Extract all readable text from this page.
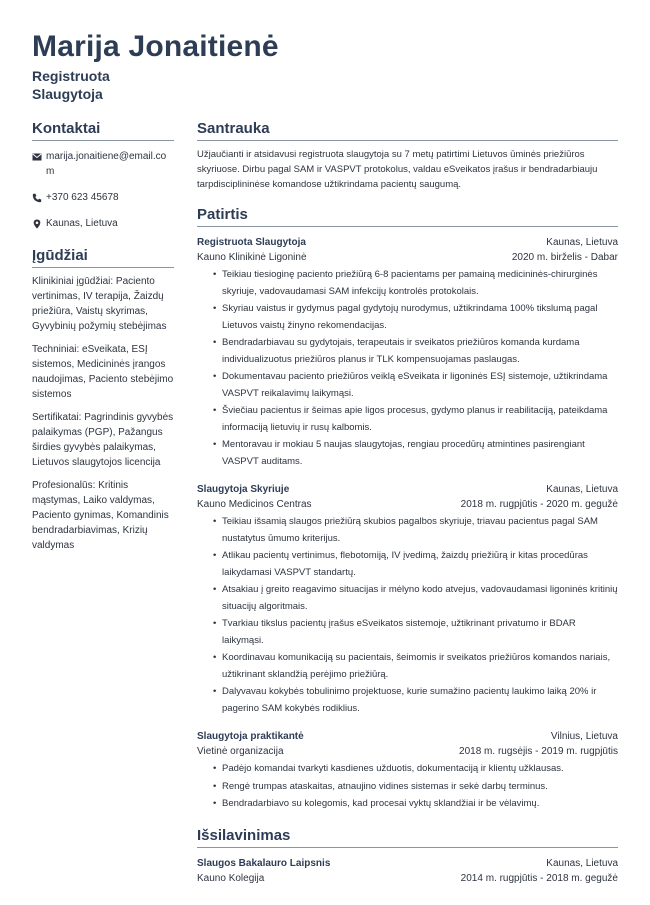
Marija Jonaitienė
Registruota Slaugytoja
Kontaktai
marija.jonaitiene@email.com
+370 623 45678
Kaunas, Lietuva
Įgūdžiai
Klinikiniai įgūdžiai: Paciento vertinimas, IV terapija, Žaizdų priežiūra, Vaistų skyrimas, Gyvybinių požymių stebėjimas
Techniniai: eSveikata, ESĮ sistemos, Medicininės įrangos naudojimas, Paciento stebėjimo sistemos
Sertifikatai: Pagrindinis gyvybės palaikymas (PGP), Pažangus širdies gyvybės palaikymas, Lietuvos slaugytojos licencija
Profesionalūs: Kritinis mąstymas, Laiko valdymas, Paciento gynimas, Komandinis bendradarbiavimas, Krizių valdymas
Santrauka
Užjaučianti ir atsidavusi registruota slaugytoja su 7 metų patirtimi Lietuvos ūminės priežiūros skyriuose. Dirbu pagal SAM ir VASPVT protokolus, valdau eSveikatos įrašus ir bendradarbiauju tarpdisciplininėse komandose užtikrindama pacientų saugumą.
Patirtis
Registruota Slaugytoja	Kaunas, Lietuva
Kauno Klinikinė Ligoninė	2020 m. birželis - Dabar
• Teikiau tiesioginę paciento priežiūrą 6-8 pacientams per pamainą medicininės-chirurginės skyriuje, vadovaudamasi SAM infekcijų kontrolės protokolais.
• Skyriau vaistus ir gydymus pagal gydytojų nurodymus, užtikrindama 100% tikslumą pagal Lietuvos vaistų žinyno rekomendacijas.
• Bendradarbiavau su gydytojais, terapeutais ir sveikatos priežiūros komanda kurdama individualizuotus priežiūros planus ir TLK kompensuojamas paslaugas.
• Dokumentavau paciento priežiūros veiklą eSveikata ir ligoninės ESĮ sistemoje, užtikrindama VASPVT reikalavimų laikymąsi.
• Šviečiau pacientus ir šeimas apie ligos procesus, gydymo planus ir reabilitaciją, pateikdama informaciją lietuvių ir rusų kalbomis.
• Mentoravau ir mokiau 5 naujas slaugytojas, rengiau procedūrų atmintines pasirengiant VASPVT auditams.
Slaugytoja Skyriuje	Kaunas, Lietuva
Kauno Medicinos Centras	2018 m. rugpjūtis - 2020 m. gegužė
• Teikiau išsamią slaugos priežiūrą skubios pagalbos skyriuje, triavau pacientus pagal SAM nustatytus ūmumo kriterijus.
• Atlikau pacientų vertinimus, flebotomiją, IV įvedimą, žaizdų priežiūrą ir kitas procedūras laikydamasi VASPVT standartų.
• Atsakiau į greito reagavimo situacijas ir mėlyno kodo atvejus, vadovaudamasi ligoninės kritinių situacijų algoritmais.
• Tvarkiau tikslus pacientų įrašus eSveikatos sistemoje, užtikrinant privatumo ir BDAR laikymąsi.
• Koordinavau komunikaciją su pacientais, šeimomis ir sveikatos priežiūros komandos nariais, užtikrinant sklandžią perėjimo priežiūrą.
• Dalyvavau kokybės tobulinimo projektuose, kurie sumažino pacientų laukimo laiką 20% ir pagerino SAM kokybės rodiklius.
Slaugytoja praktikantė	Vilnius, Lietuva
Vietinė organizacija	2018 m. rugsėjis - 2019 m. rugpjūtis
• Padėjo komandai tvarkyti kasdienes užduotis, dokumentaciją ir klientų užklausas.
• Rengė trumpas ataskaitas, atnaujino vidines sistemas ir sekė darbų terminus.
• Bendradarbiavo su kolegomis, kad procesai vyktų sklandžiai ir be vėlavimų.
Išsilavinimas
Slaugos Bakalauro Laipsnis	Kaunas, Lietuva
Kauno Kolegija	2014 m. rugpjūtis - 2018 m. gegužė
